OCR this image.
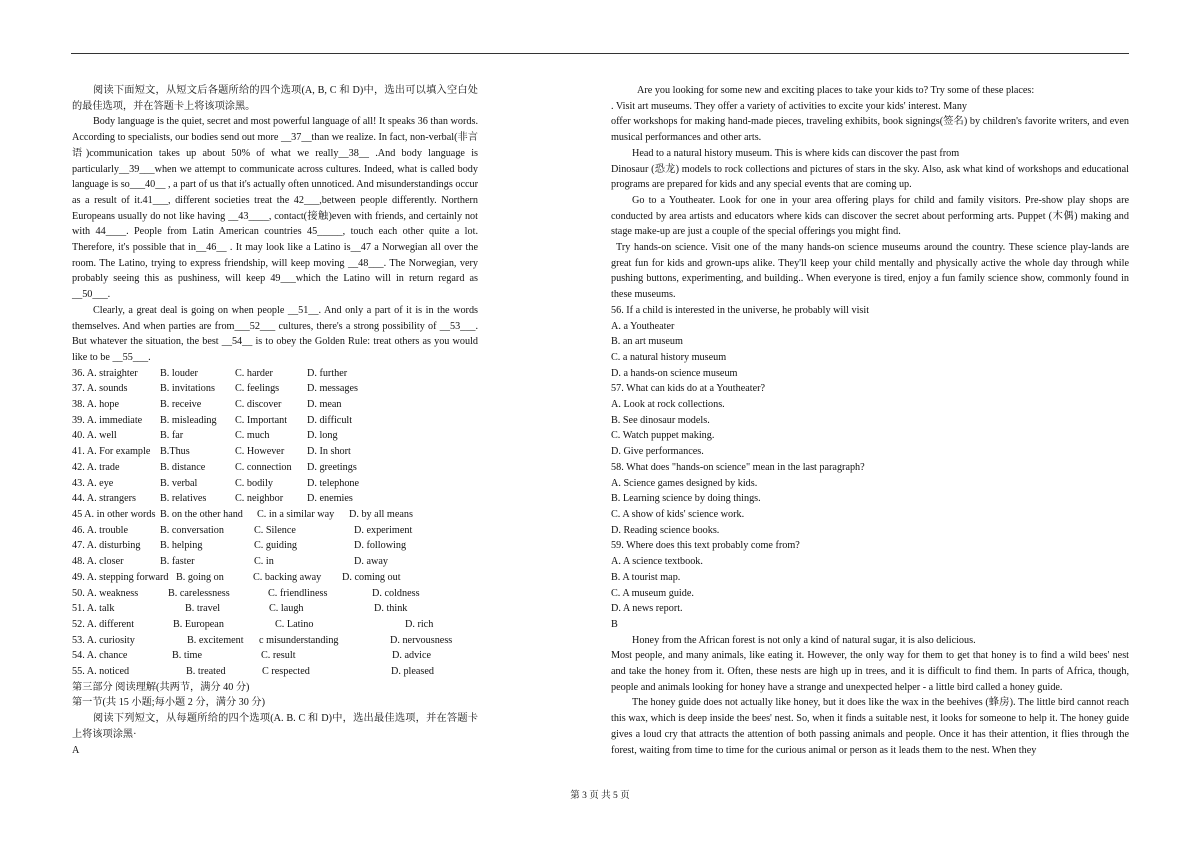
阅读下面短文，从短文后各题所给的四个选项(A, B, C 和 D)中，选出可以填入空白处的最佳选项，并在答题卡上将该项涂黑。

Body language is the quiet, secret and most powerful language of all! It speaks 36 than words. According to specialists, our bodies send out more __37__than we realize. In fact, non-verbal(非言语)communication takes up about 50% of what we really__38__ .And body language is particularly__39___when we attempt to communicate across cultures. Indeed, what is called body language is so___40__ , a part of us that it's actually often unnoticed. And misunderstandings occur as a result of it.41___, different societies treat the 42___,between people differently. Northern Europeans usually do not like having __43____, contact(接触)even with friends, and certainly not with 44____. People from Latin American countries 45_____, touch each other quite a lot. Therefore, it's possible that in__46__ . It may look like a Latino is__47 a Norwegian all over the room. The Latino, trying to express friendship, will keep moving __48___. The Norwegian, very probably seeing this as pushiness, will keep 49___which the Latino will in return regard as __50___.

Clearly, a great deal is going on when people __51__. And only a part of it is in the words themselves. And when parties are from___52___ cultures, there's a strong possibility of __53___. But whatever the situation, the best __54__ is to obey the Golden Rule: treat others as you would like to be __55___.

36. A. straighter	B. louder	C. harder	D. further
37. A. sounds	B. invitations	C. feelings	D. messages
38. A. hope	B. receive	C. discover	D. mean
39. A. immediate	B. misleading	C. Important	D. difficult
40. A. well	B. far	C. much	D. long
41. A. For example B.Thus	C. However	D. In short
42. A. trade	B. distance	C. connection	D. greetings
43. A. eye	B. verbal	C. bodily	D. telephone
44. A. strangers	B. relatives	C. neighbor	D. enemies
45 A. in other words B. on the other hand	C. in a similar way	D. by all means
46. A. trouble	B. conversation	C. Silence	D. experiment
47. A. disturbing	B. helping	C. guiding	D. following
48. A. closer	B. faster	C. in	D. away
49. A. stepping forward B. going on	C. backing away	D. coming out
50. A. weakness	B. carelessness	C. friendliness	D. coldness
51. A. talk	B. travel	C. laugh	D. think
52. A. different	B. European	C. Latino	D. rich
53. A. curiosity	B. excitement	c misunderstanding	D. nervousness
54. A. chance	B. time	C. result	D. advice
55. A. noticed	B. treated	C respected	D. pleased
第三部分 阅读理解(共两节，满分 40 分)
第一节(共 15 小题;每小题 2 分，满分 30 分)

阅读下列短文，从每题所给的四个选项(A. B. C 和 D)中，选出最佳选项，并在答题卡上将该项涂黑·

A

Are you looking for some new and exciting places to take your kids to? Try some of these places:

. Visit art museums. They offer a variety of activities to excite your kids' interest. Many

offer workshops for making hand-made pieces, traveling exhibits, book signings(签名) by children's favorite writers, and even musical performances and other arts.

Head to a natural history museum. This is where kids can discover the past from

Dinosaur (恐龙) models to rock collections and pictures of stars in the sky. Also, ask what kind of workshops and educational programs are prepared for kids and any special events that are coming up.

Go to a Youtheater. Look for one in your area offering plays for child and family visitors. Pre-show play shops are conducted by area artists and educators where kids can discover the secret about performing arts. Puppet (木偶) making and stage make-up are just a couple of the special offerings you might find.

Try hands-on science. Visit one of the many hands-on science museums around the country. These science play-lands are great fun for kids and grown-ups alike. They'll keep your child mentally and physically active the whole day through while pushing buttons, experimenting, and building.. When everyone is tired, enjoy a fun family science show, commonly found in these museums.

56. If a child is interested in the universe, he probably will visit
A. a Youtheater
B. an art museum
C. a natural history museum
D. a hands-on science museum
57. What can kids do at a Youtheater?
A. Look at rock collections.
B. See dinosaur models.
C. Watch puppet making.
D. Give performances.
58. What does "hands-on science" mean in the last paragraph?
A. Science games designed by kids.
B. Learning science by doing things.
C. A show of kids' science work.
D. Reading science books.
59. Where does this text probably come from?
A. A science textbook.
B. A tourist map.
C. A museum guide.
D. A news report.
B

Honey from the African forest is not only a kind of natural sugar, it is also delicious.

Most people, and many animals, like eating it. However, the only way for them to get that honey is to find a wild bees' nest and take the honey from it. Often, these nests are high up in trees, and it is difficult to find them. In parts of Africa, though, people and animals looking for honey have a strange and unexpected helper - a little bird called a honey guide.

The honey guide does not actually like honey, but it does like the wax in the beehives (蜂房). The little bird cannot reach this wax, which is deep inside the bees' nest. So, when it finds a suitable nest, it looks for someone to help it. The honey guide gives a loud cry that attracts the attention of both passing animals and people. Once it has their attention, it flies through the forest, waiting from time to time for the curious animal or person as it leads them to the nest. When they

第 3 页 共 5 页
